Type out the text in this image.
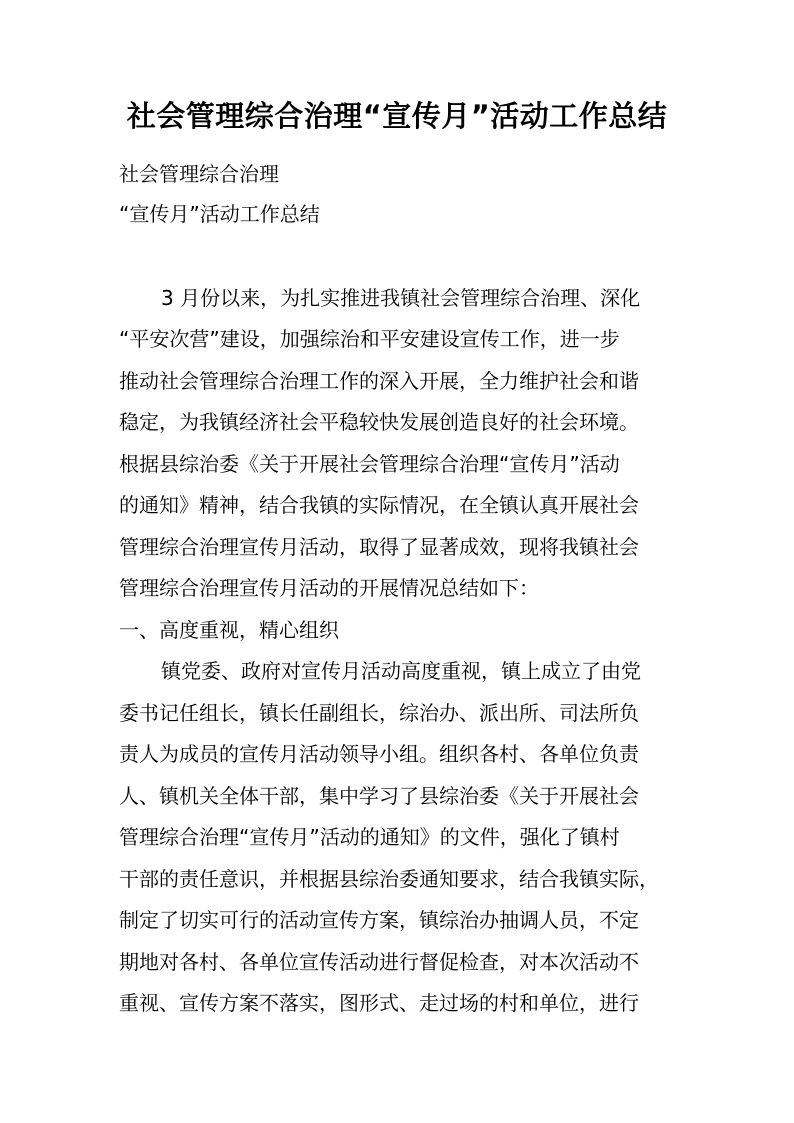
社会管理综合治理“宣传月”活动工作总结
社会管理综合治理
“宣传月”活动工作总结
3 月份以来，为扎实推进我镇社会管理综合治理、深化
“平安次营”建设，加强综治和平安建设宣传工作，进一步
推动社会管理综合治理工作的深入开展，全力维护社会和谐
稳定，为我镇经济社会平稳较快发展创造良好的社会环境。
根据县综治委《关于开展社会管理综合治理“宣传月”活动
的通知》精神，结合我镇的实际情况，在全镇认真开展社会
管理综合治理宣传月活动，取得了显著成效，现将我镇社会
管理综合治理宣传月活动的开展情况总结如下：
一、高度重视，精心组织
镇党委、政府对宣传月活动高度重视，镇上成立了由党
委书记任组长，镇长任副组长，综治办、派出所、司法所负
责人为成员的宣传月活动领导小组。组织各村、各单位负责
人、镇机关全体干部，集中学习了县综治委《关于开展社会
管理综合治理“宣传月”活动的通知》的文件，强化了镇村
干部的责任意识，并根据县综治委通知要求，结合我镇实际，
制定了切实可行的活动宣传方案，镇综治办抽调人员，不定
期地对各村、各单位宣传活动进行督促检查，对本次活动不
重视、宣传方案不落实，图形式、走过场的村和单位，进行
